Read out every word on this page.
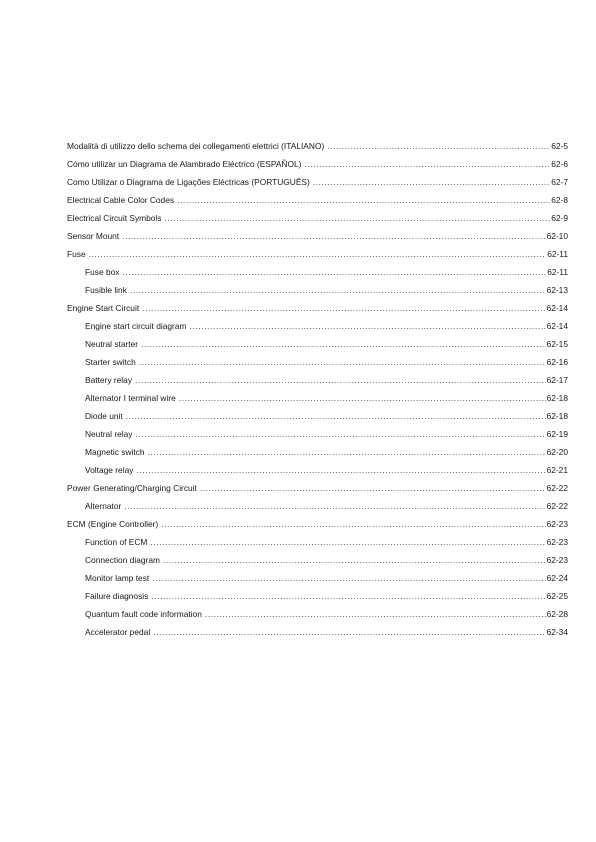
Modalità di utilizzo dello schema dei collegamenti elettrici (ITALIANO) .....	62-5
Cómo utilizar un Diagrama de Alambrado Eléctrico (ESPAÑOL) .....	62-6
Como Utilizar o Diagrama de Ligações Eléctricas (PORTUGUÊS) .....	62-7
Electrical Cable Color Codes .....	62-8
Electrical Circuit Symbols .....	62-9
Sensor Mount .....	62-10
Fuse .....	62-11
Fuse box .....	62-11
Fusible link .....	62-13
Engine Start Circuit .....	62-14
Engine start circuit diagram .....	62-14
Neutral starter .....	62-15
Starter switch .....	62-16
Battery relay .....	62-17
Alternator I terminal wire .....	62-18
Diode unit .....	62-18
Neutral relay .....	62-19
Magnetic switch .....	62-20
Voltage relay .....	62-21
Power Generating/Charging Circuit .....	62-22
Alternator .....	62-22
ECM (Engine Controller) .....	62-23
Function of ECM .....	62-23
Connection diagram .....	62-23
Monitor lamp test .....	62-24
Failure diagnosis .....	62-25
Quantum fault code information .....	62-28
Accelerator pedal .....	62-34
